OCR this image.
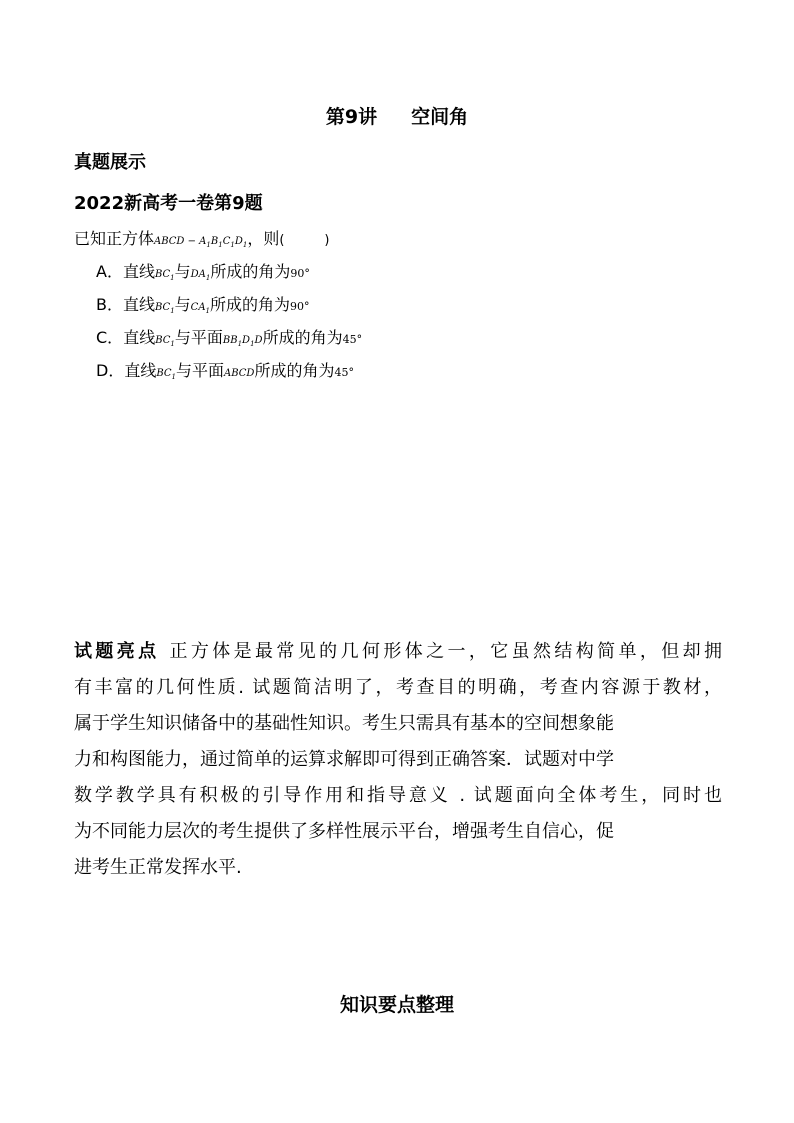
第9讲 空间角
真题展示
2022新高考一卷第9题
已知正方体ABCD − $A_1B_1C_1D_1$，则(	)
A．直线$BC_1$与$DA_1$所成的角为90°
B．直线$BC_1$与$CA_1$所成的角为90°
C．直线$BC_1$与平面$BB_1D_1D$所成的角为45°
D．直线$BC_1$与平面ABCD所成的角为45°
试题亮点 正方体是最常见的几何形体之一，它虽然结构简单，但却拥
有丰富的几何性质. 试题简洁明了，考查目的明确，考查内容源于教材，
属于学生知识储备中的基础性知识。考生只需具有基本的空间想象能
力和构图能力，通过简单的运算求解即可得到正确答案．试题对中学
数学教学具有积极的引导作用和指导意义 . 试题面向全体考生，同时也
为不同能力层次的考生提供了多样性展示平台，增强考生自信心，促
进考生正常发挥水平.
知识要点整理
